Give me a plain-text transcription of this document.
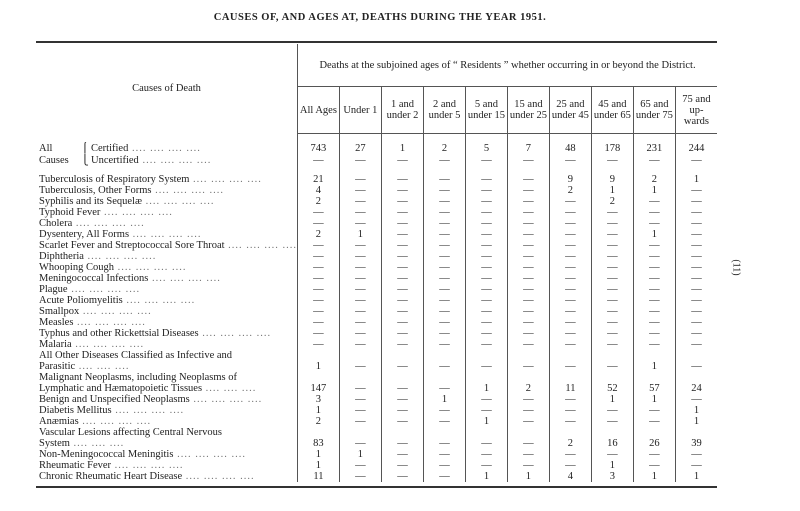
CAUSES OF, AND AGES AT, DEATHS DURING THE YEAR 1951.
Causes of Death	Deaths at the subjoined ages of “ Residents ” whether occurring in or beyond the District.									
	All Ages	Under 1	1 and under 2	2 and under 5	5 and under 15	15 and under 25	25 and under 45	45 and under 65	65 and under 75	75 and up- wards

All ⎧ Certified .... .... .... ....	743	27	1	2	5	7	48	178	231	244
Causes ⎩ Uncertified .... .... .... ....	—	—	—	—	—	—	—	—	—	—

Tuberculosis of Respiratory System .... .... .... ....	21	—	—	—	—	—	9	9	2	1
Tuberculosis, Other Forms .... .... .... ....	4	—	—	—	—	—	2	1	1	—
Syphilis and its Sequelæ .... .... .... ....	2	—	—	—	—	—	—	2	—	—
Typhoid Fever .... .... .... ....	—	—	—	—	—	—	—	—	—	—
Cholera .... .... .... ....	—	—	—	—	—	—	—	—	—	—
Dysentery, All Forms .... .... .... ....	2	1	—	—	—	—	—	—	1	—
Scarlet Fever and Streptococcal Sore Throat .... .... .... ....	—	—	—	—	—	—	—	—	—	—
Diphtheria .... .... .... ....	—	—	—	—	—	—	—	—	—	—
Whooping Cough .... .... .... ....	—	—	—	—	—	—	—	—	—	—
Meningococcal Infections .... .... .... ....	—	—	—	—	—	—	—	—	—	—
Plague .... .... .... ....	—	—	—	—	—	—	—	—	—	—
Acute Poliomyelitis .... .... .... ....	—	—	—	—	—	—	—	—	—	—
Smallpox .... .... .... ....	—	—	—	—	—	—	—	—	—	—
Measles .... .... .... ....	—	—	—	—	—	—	—	—	—	—
Typhus and other Rickettsial Diseases .... .... .... ....	—	—	—	—	—	—	—	—	—	—
Malaria .... .... .... ....	—	—	—	—	—	—	—	—	—	—
All Other Diseases Classified as Infective and										
Parasitic .... .... ....	1	—	—	—	—	—	—	—	1	—
Malignant Neoplasms, including Neoplasms of										
Lymphatic and Hæmatopoietic Tissues .... .... ....	147	—	—	—	1	2	11	52	57	24
Benign and Unspecified Neoplasms .... .... .... ....	3	—	—	1	—	—	—	1	1	—
Diabetis Mellitus .... .... .... ....	1	—	—	—	—	—	—	—	—	1
Anæmias .... .... .... ....	2	—	—	—	1	—	—	—	—	1
Vascular Lesions affecting Central Nervous										
System .... .... ....	83	—	—	—	—	—	2	16	26	39
Non-Meningococcal Meningitis .... .... .... ....	1	1	—	—	—	—	—	—	—	—
Rheumatic Fever .... .... .... ....	1	—	—	—	—	—	—	1	—	—
Chronic Rheumatic Heart Disease .... .... .... ....	11	—	—	—	1	1	4	3	1	1
(11)
